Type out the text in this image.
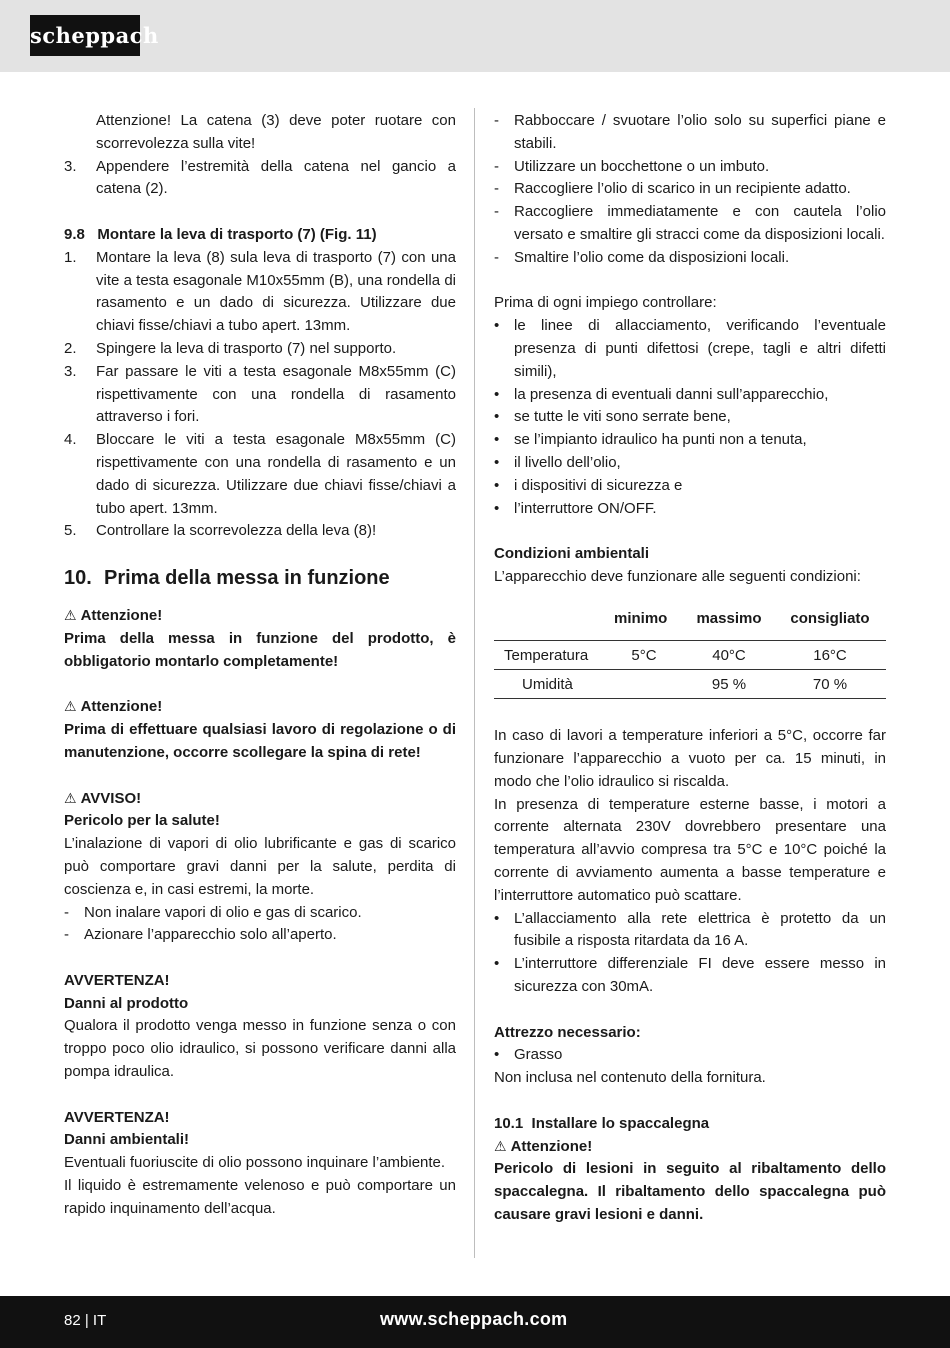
scheppach

Attenzione! La catena (3) deve poter ruotare con scorrevolezza sulla vite!

3. Appendere l’estremità della catena nel gancio a catena (2).

9.8   Montare la leva di trasporto (7) (Fig. 11)

1. Montare la leva (8) sula leva di trasporto (7) con una vite a testa esagonale M10x55mm (B), una rondella di rasamento e un dado di sicurezza. Utilizzare due chiavi fisse/chiavi a tubo apert. 13mm.
2. Spingere la leva di trasporto (7) nel supporto.
3. Far passare le viti a testa esagonale M8x55mm (C) rispettivamente con una rondella di rasamento attraverso i fori.
4. Bloccare le viti a testa esagonale M8x55mm (C) rispettivamente con una rondella di rasamento e un dado di sicurezza. Utilizzare due chiavi fisse/chiavi a tubo apert. 13mm.
5. Controllare la scorrevolezza della leva (8)!
10. Prima della messa in funzione

⚠ Attenzione!

Prima della messa in funzione del prodotto, è obbligatorio montarlo completamente!

⚠ Attenzione!

Prima di effettuare qualsiasi lavoro di regolazione o di manutenzione, occorre scollegare la spina di rete!

⚠ AVVISO!

Pericolo per la salute!

L’inalazione di vapori di olio lubrificante e gas di scarico può comportare gravi danni per la salute, perdita di coscienza e, in casi estremi, la morte.

- Non inalare vapori di olio e gas di scarico.
- Azionare l’apparecchio solo all’aperto.

AVVERTENZA!

Danni al prodotto

Qualora il prodotto venga messo in funzione senza o con troppo poco olio idraulico, si possono verificare danni alla pompa idraulica.

AVVERTENZA!

Danni ambientali!

Eventuali fuoriuscite di olio possono inquinare l’ambiente.

Il liquido è estremamente velenoso e può comportare un rapido inquinamento dell’acqua.

- Rabboccare / svuotare l’olio solo su superfici piane e stabili.
- Utilizzare un bocchettone o un imbuto.
- Raccogliere l’olio di scarico in un recipiente adatto.
- Raccogliere immediatamente e con cautela l’olio versato e smaltire gli stracci come da disposizioni locali.
- Smaltire l’olio come da disposizioni locali.

Prima di ogni impiego controllare:

• le linee di allacciamento, verificando l’eventuale presenza di punti difettosi (crepe, tagli e altri difetti simili),
• la presenza di eventuali danni sull’apparecchio,
• se tutte le viti sono serrate bene,
• se l’impianto idraulico ha punti non a tenuta,
• il livello dell’olio,
• i dispositivi di sicurezza e
• l’interruttore ON/OFF.

Condizioni ambientali

L’apparecchio deve funzionare alle seguenti condizioni:

	minimo	massimo	consigliato
Temperatura	5°C	40°C	16°C
Umidità		95 %	70 %

In caso di lavori a temperature inferiori a 5°C, occorre far funzionare l’apparecchio a vuoto per ca. 15 minuti, in modo che l’olio idraulico si riscalda.

In presenza di temperature esterne basse, i motori a corrente alternata 230V dovrebbero presentare una temperatura all’avvio compresa tra 5°C e 10°C poiché la corrente di avviamento aumenta a basse temperature e l’interruttore automatico può scattare.

• L’allacciamento alla rete elettrica è protetto da un fusibile a risposta ritardata da 16 A.
• L’interruttore differenziale FI deve essere messo in sicurezza con 30mA.

Attrezzo necessario:

• Grasso

Non inclusa nel contenuto della fornitura.

10.1  Installare lo spaccalegna

⚠ Attenzione!

Pericolo di lesioni in seguito al ribaltamento dello spaccalegna. Il ribaltamento dello spaccalegna può causare gravi lesioni e danni.

82 | IT	www.scheppach.com
